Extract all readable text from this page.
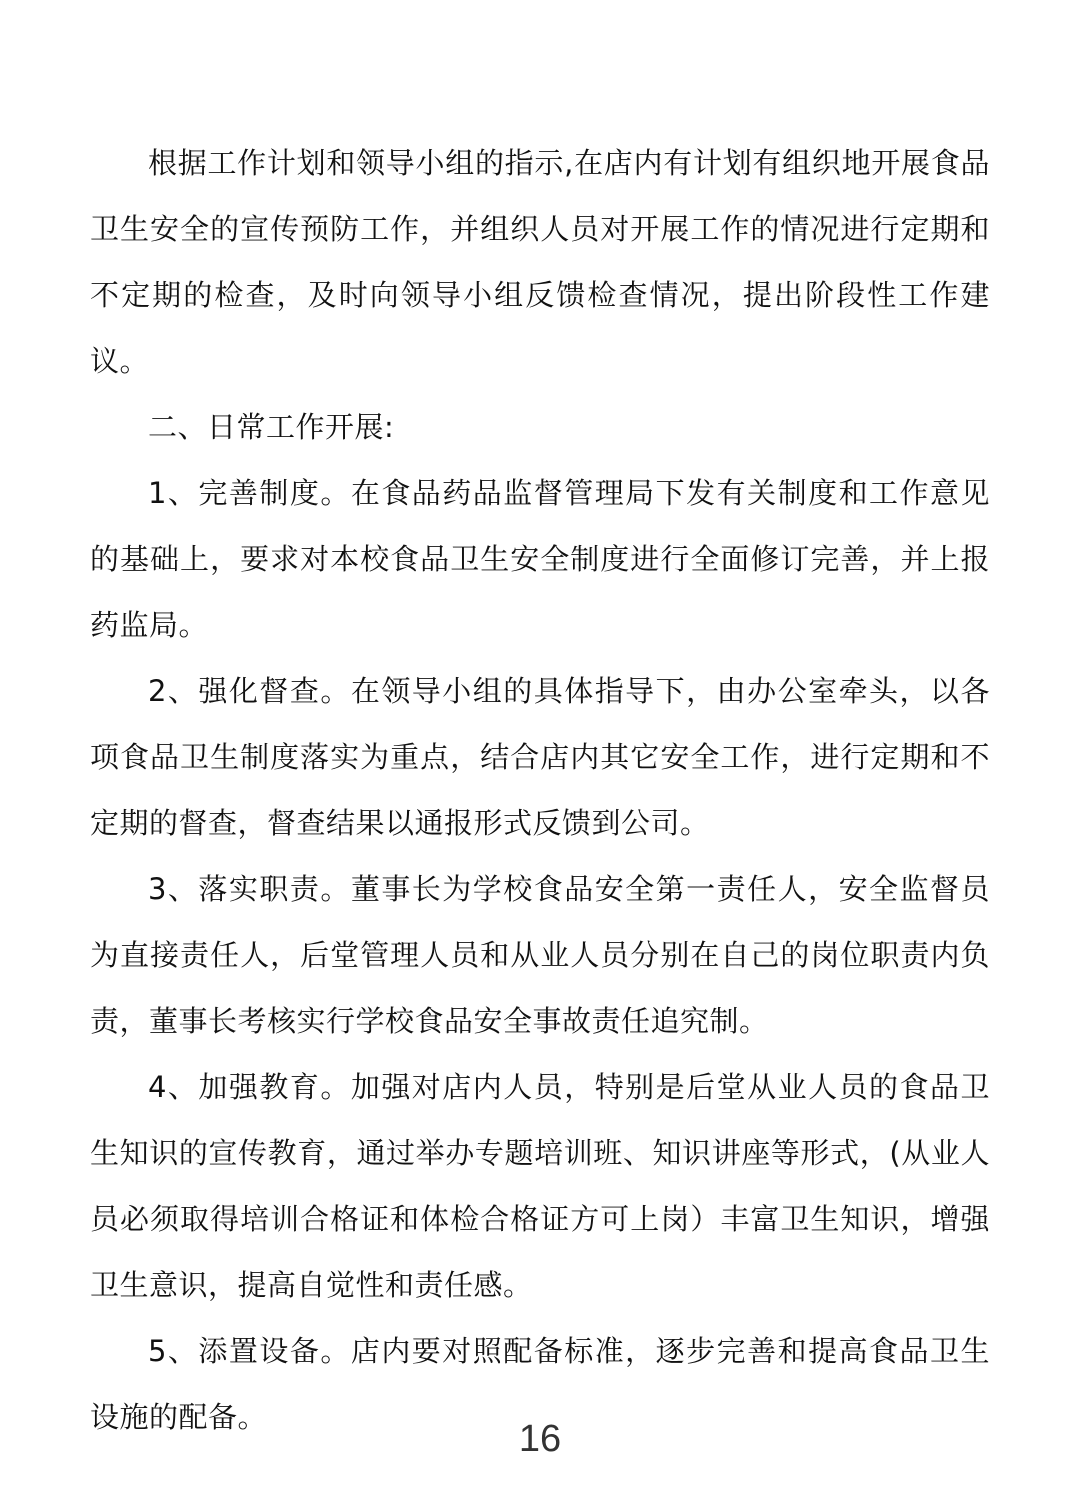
根据工作计划和领导小组的指示,在店内有计划有组织地开展食品卫生安全的宣传预防工作，并组织人员对开展工作的情况进行定期和不定期的检查，及时向领导小组反馈检查情况，提出阶段性工作建议。

二、日常工作开展:

1、完善制度。在食品药品监督管理局下发有关制度和工作意见的基础上，要求对本校食品卫生安全制度进行全面修订完善，并上报药监局。

2、强化督查。在领导小组的具体指导下，由办公室牵头，以各项食品卫生制度落实为重点，结合店内其它安全工作，进行定期和不定期的督查，督查结果以通报形式反馈到公司。

3、落实职责。董事长为学校食品安全第一责任人，安全监督员为直接责任人，后堂管理人员和从业人员分别在自己的岗位职责内负责，董事长考核实行学校食品安全事故责任追究制。

4、加强教育。加强对店内人员，特别是后堂从业人员的食品卫生知识的宣传教育，通过举办专题培训班、知识讲座等形式，(从业人员必须取得培训合格证和体检合格证方可上岗）丰富卫生知识，增强卫生意识，提高自觉性和责任感。

5、添置设备。店内要对照配备标准，逐步完善和提高食品卫生设施的配备。

16
